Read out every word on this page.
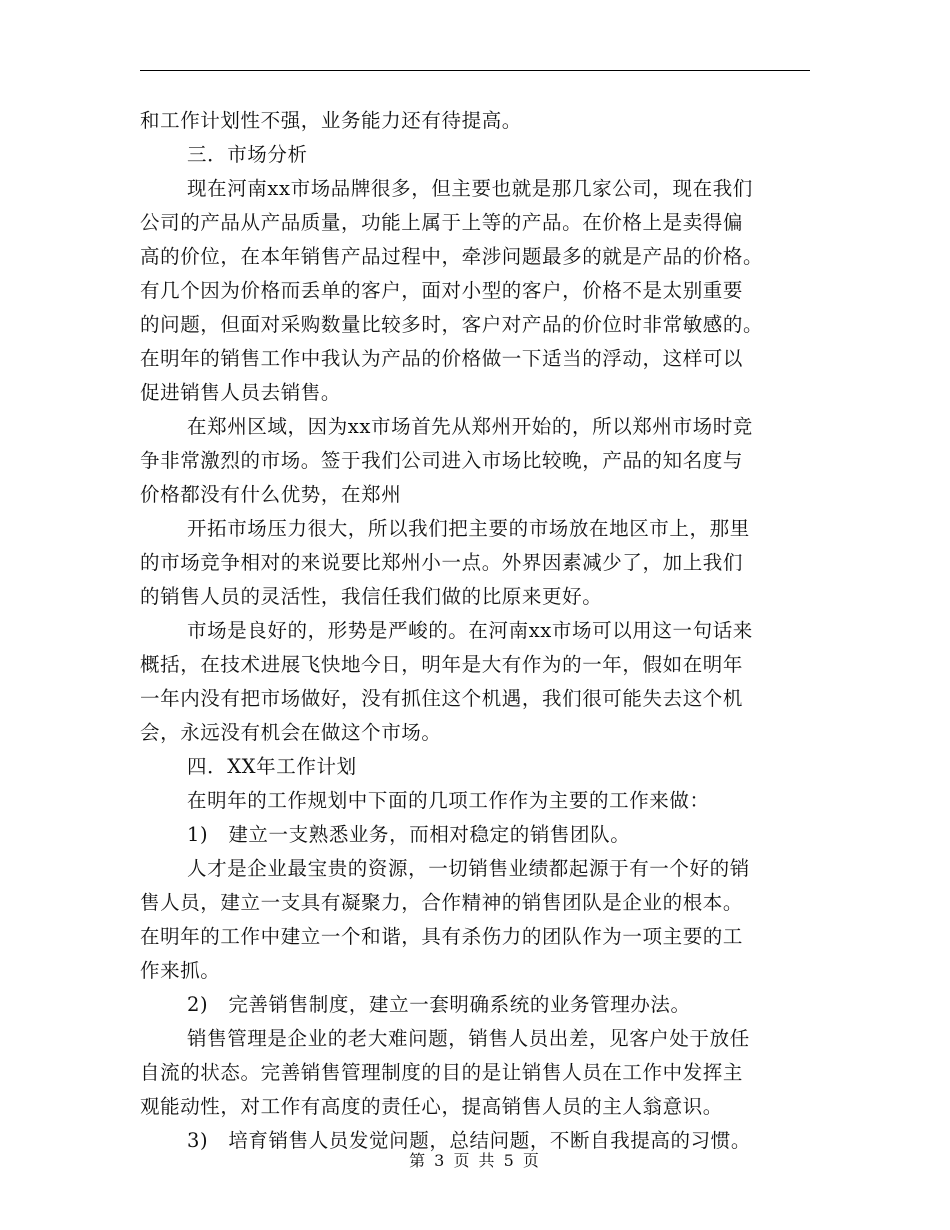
和工作计划性不强，业务能力还有待提高。
三．市场分析
现在河南xx市场品牌很多，但主要也就是那几家公司，现在我们
公司的产品从产品质量，功能上属于上等的产品。在价格上是卖得偏
高的价位，在本年销售产品过程中，牵涉问题最多的就是产品的价格。
有几个因为价格而丢单的客户，面对小型的客户，价格不是太别重要
的问题，但面对采购数量比较多时，客户对产品的价位时非常敏感的。
在明年的销售工作中我认为产品的价格做一下适当的浮动，这样可以
促进销售人员去销售。
在郑州区域，因为xx市场首先从郑州开始的，所以郑州市场时竞
争非常激烈的市场。签于我们公司进入市场比较晚，产品的知名度与
价格都没有什么优势，在郑州
开拓市场压力很大，所以我们把主要的市场放在地区市上，那里
的市场竞争相对的来说要比郑州小一点。外界因素减少了，加上我们
的销售人员的灵活性，我信任我们做的比原来更好。
市场是良好的，形势是严峻的。在河南xx市场可以用这一句话来
概括，在技术进展飞快地今日，明年是大有作为的一年，假如在明年
一年内没有把市场做好，没有抓住这个机遇，我们很可能失去这个机
会，永远没有机会在做这个市场。
四．XX年工作计划
在明年的工作规划中下面的几项工作作为主要的工作来做：
1)　建立一支熟悉业务，而相对稳定的销售团队。
人才是企业最宝贵的资源，一切销售业绩都起源于有一个好的销
售人员，建立一支具有凝聚力，合作精神的销售团队是企业的根本。
在明年的工作中建立一个和谐，具有杀伤力的团队作为一项主要的工
作来抓。
2)　完善销售制度，建立一套明确系统的业务管理办法。
销售管理是企业的老大难问题，销售人员出差，见客户处于放任
自流的状态。完善销售管理制度的目的是让销售人员在工作中发挥主
观能动性，对工作有高度的责任心，提高销售人员的主人翁意识。
3)　培育销售人员发觉问题，总结问题，不断自我提高的习惯。
第 3 页 共 5 页
